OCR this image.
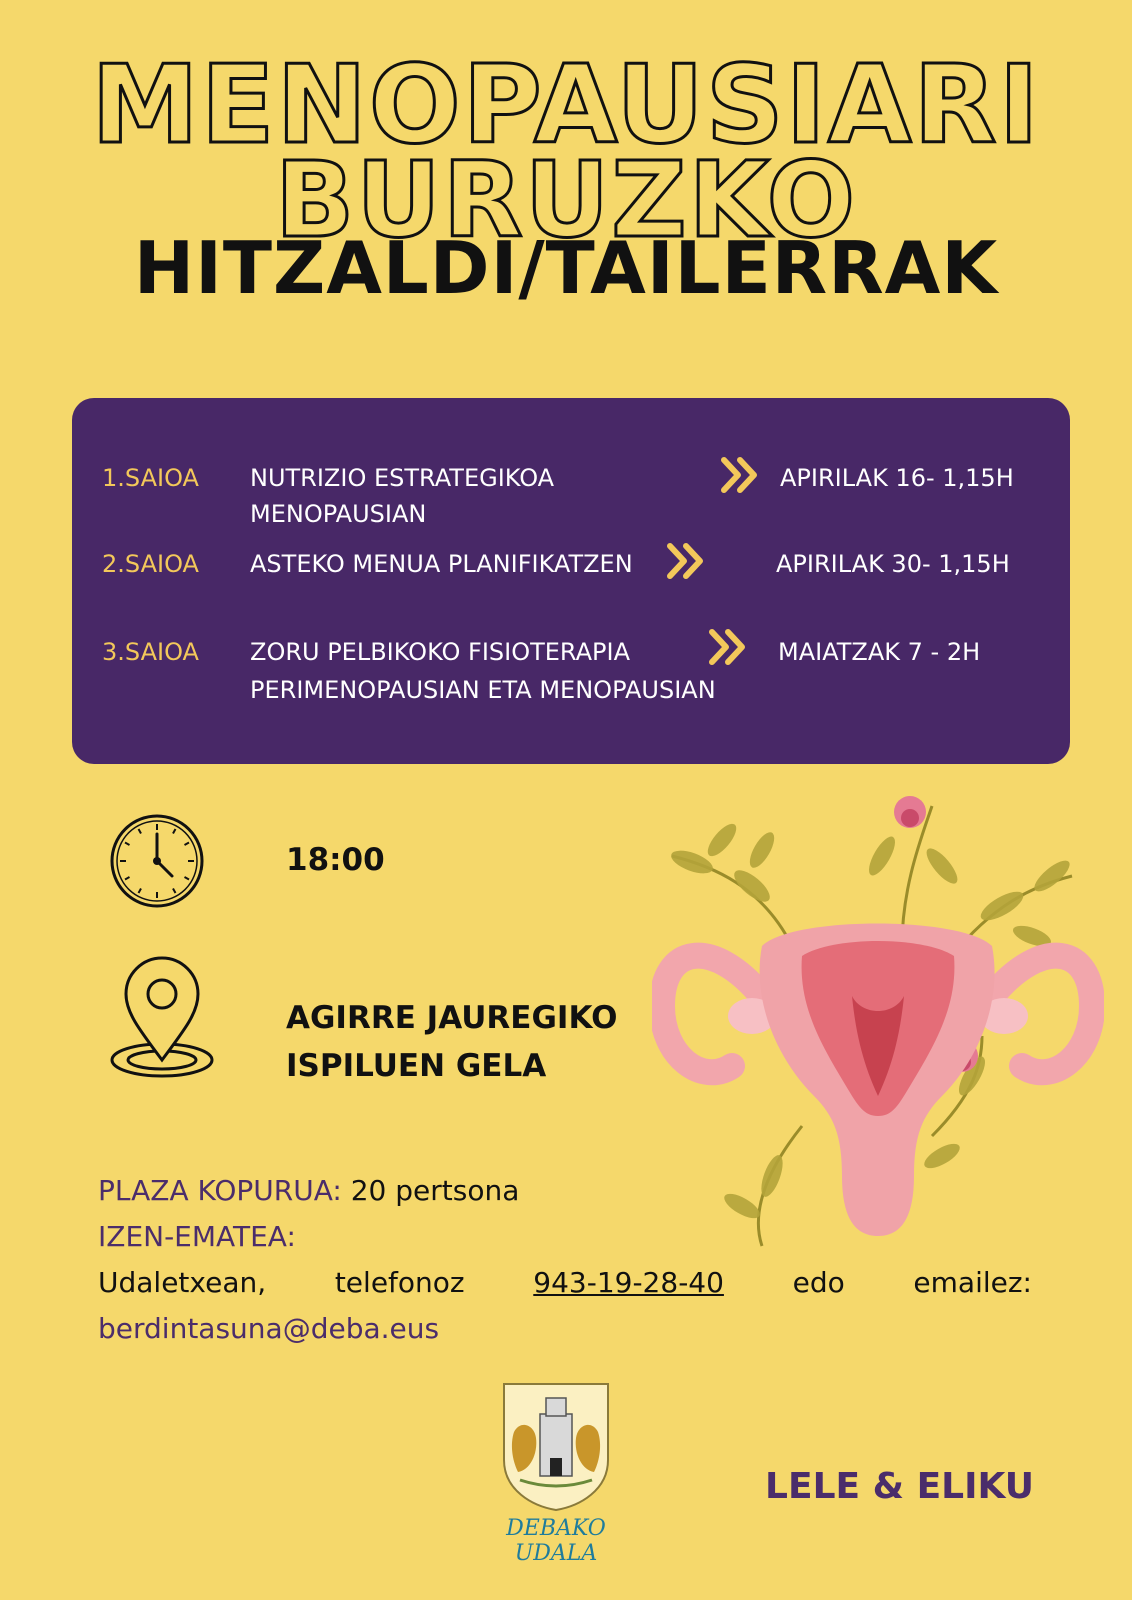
MENOPAUSIARI
BURUZKO
HITZALDI/TAILERRAK
1.SAIOA NUTRIZIO ESTRATEGIKOA
MENOPAUSIAN
APIRILAK 16- 1,15H
2.SAIOA ASTEKO MENUA PLANIFIKATZEN	APIRILAK 30- 1,15H
3.SAIOA ZORU PELBIKOKO FISIOTERAPIA
PERIMENOPAUSIAN ETA MENOPAUSIAN
MAIATZAK 7 - 2H
18:00
AGIRRE JAUREGIKO
ISPILUEN GELA
PLAZA KOPURUA: 20 pertsona
IZEN-EMATEA:
Udaletxean, telefonoz 943-19-28-40 edo emailez:
berdintasuna@deba.eus
DEBAKO UDALA
LELE & ELIKU
